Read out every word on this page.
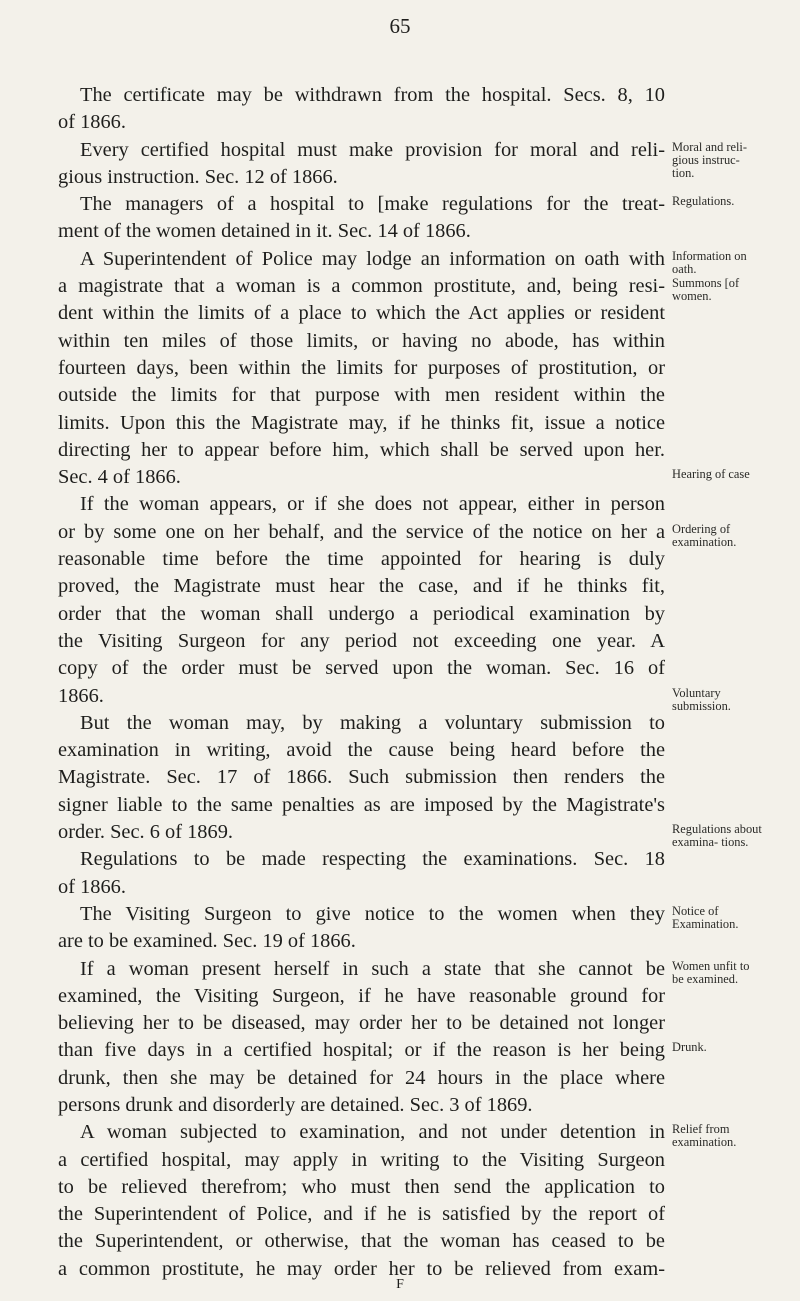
65
The certificate may be withdrawn from the hospital. Secs. 8, 10
of 1866.
Every certified hospital must make provision for moral and reli- Moral and reli- gious instruc- tion.
gious instruction. Sec. 12 of 1866.
The managers of a hospital to [make regulations for the treat- Regulations.
ment of the women detained in it. Sec. 14 of 1866.
A Superintendent of Police may lodge an information on oath with Information on oath.
a magistrate that a woman is a common prostitute, and, being resi- Summons [of women.
dent within the limits of a place to which the Act applies or resident
within ten miles of those limits, or having no abode, has within
fourteen days, been within the limits for purposes of prostitution, or
outside the limits for that purpose with men resident within the
limits. Upon this the Magistrate may, if he thinks fit, issue a notice
directing her to appear before him, which shall be served upon her.
Sec. 4 of 1866.	Hearing of case
If the woman appears, or if she does not appear, either in person
or by some one on her behalf, and the service of the notice on her a Ordering of examination.
reasonable time before the time appointed for hearing is duly
proved, the Magistrate must hear the case, and if he thinks fit,
order that the woman shall undergo a periodical examination by
the Visiting Surgeon for any period not exceeding one year. A
copy of the order must be served upon the woman. Sec. 16 of
1866.	Voluntary submission.
But the woman may, by making a voluntary submission to
examination in writing, avoid the cause being heard before the
Magistrate. Sec. 17 of 1866. Such submission then renders the
signer liable to the same penalties as are imposed by the Magistrate's
order. Sec. 6 of 1869.	Regulations about examina- tions.
Regulations to be made respecting the examinations. Sec. 18
of 1866.
The Visiting Surgeon to give notice to the women when they Notice of Examination.
are to be examined. Sec. 19 of 1866.
If a woman present herself in such a state that she cannot be Women unfit to be examined.
examined, the Visiting Surgeon, if he have reasonable ground for
believing her to be diseased, may order her to be detained not longer
than five days in a certified hospital; or if the reason is her being Drunk.
drunk, then she may be detained for 24 hours in the place where
persons drunk and disorderly are detained. Sec. 3 of 1869.
A woman subjected to examination, and not under detention in Relief from examination.
a certified hospital, may apply in writing to the Visiting Surgeon
to be relieved therefrom; who must then send the application to
the Superintendent of Police, and if he is satisfied by the report of
the Superintendent, or otherwise, that the woman has ceased to be
a common prostitute, he may order her to be relieved from exam-
F
